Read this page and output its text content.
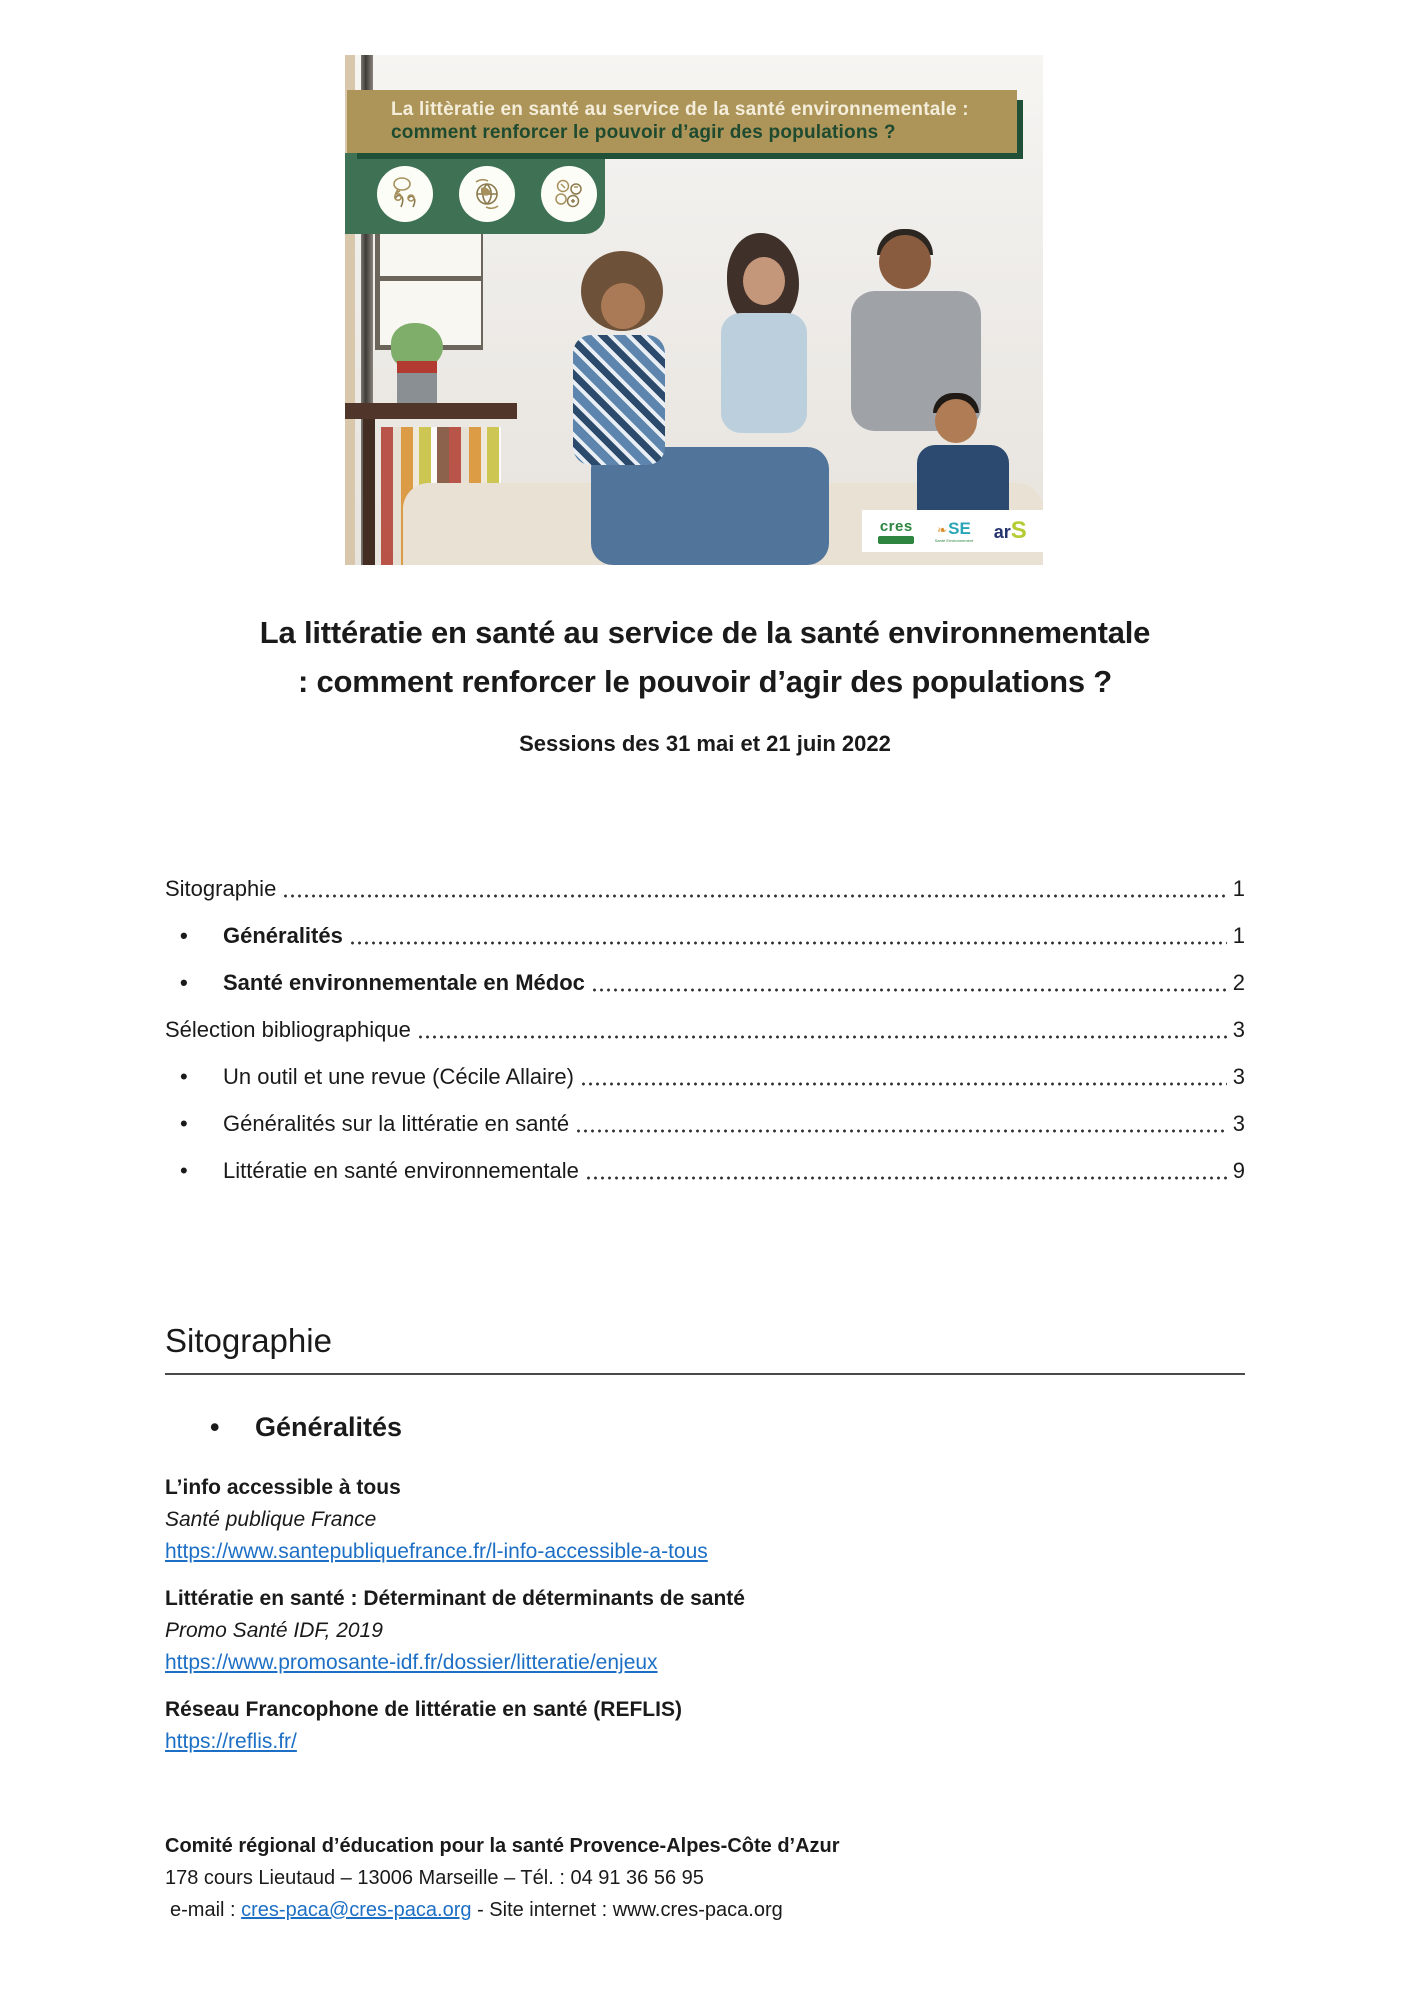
La littèratie en santé au service de la santé environnementale :
comment renforcer le pouvoir d’agir des populations ?
cres	❧ SE
Santé Environnement arS
La littératie en santé au service de la santé environnementale
: comment renforcer le pouvoir d’agir des populations ?
Sessions des 31 mai et 21 juin 2022
Sitographie	1
• Généralités	1
• Santé environnementale en Médoc	2
Sélection bibliographique	3
• Un outil et une revue (Cécile Allaire)	3
• Généralités sur la littératie en santé	3
• Littératie en santé environnementale	9
Sitographie
• Généralités
L’info accessible à tous
Santé publique France
https://www.santepubliquefrance.fr/l-info-accessible-a-tous
Littératie en santé : Déterminant de déterminants de santé
Promo Santé IDF, 2019
https://www.promosante-idf.fr/dossier/litteratie/enjeux
Réseau Francophone de littératie en santé (REFLIS)
https://reflis.fr/
Comité régional d’éducation pour la santé Provence-Alpes-Côte d’Azur
178 cours Lieutaud – 13006 Marseille – Tél. : 04 91 36 56 95
e-mail : cres-paca@cres-paca.org - Site internet : www.cres-paca.org
